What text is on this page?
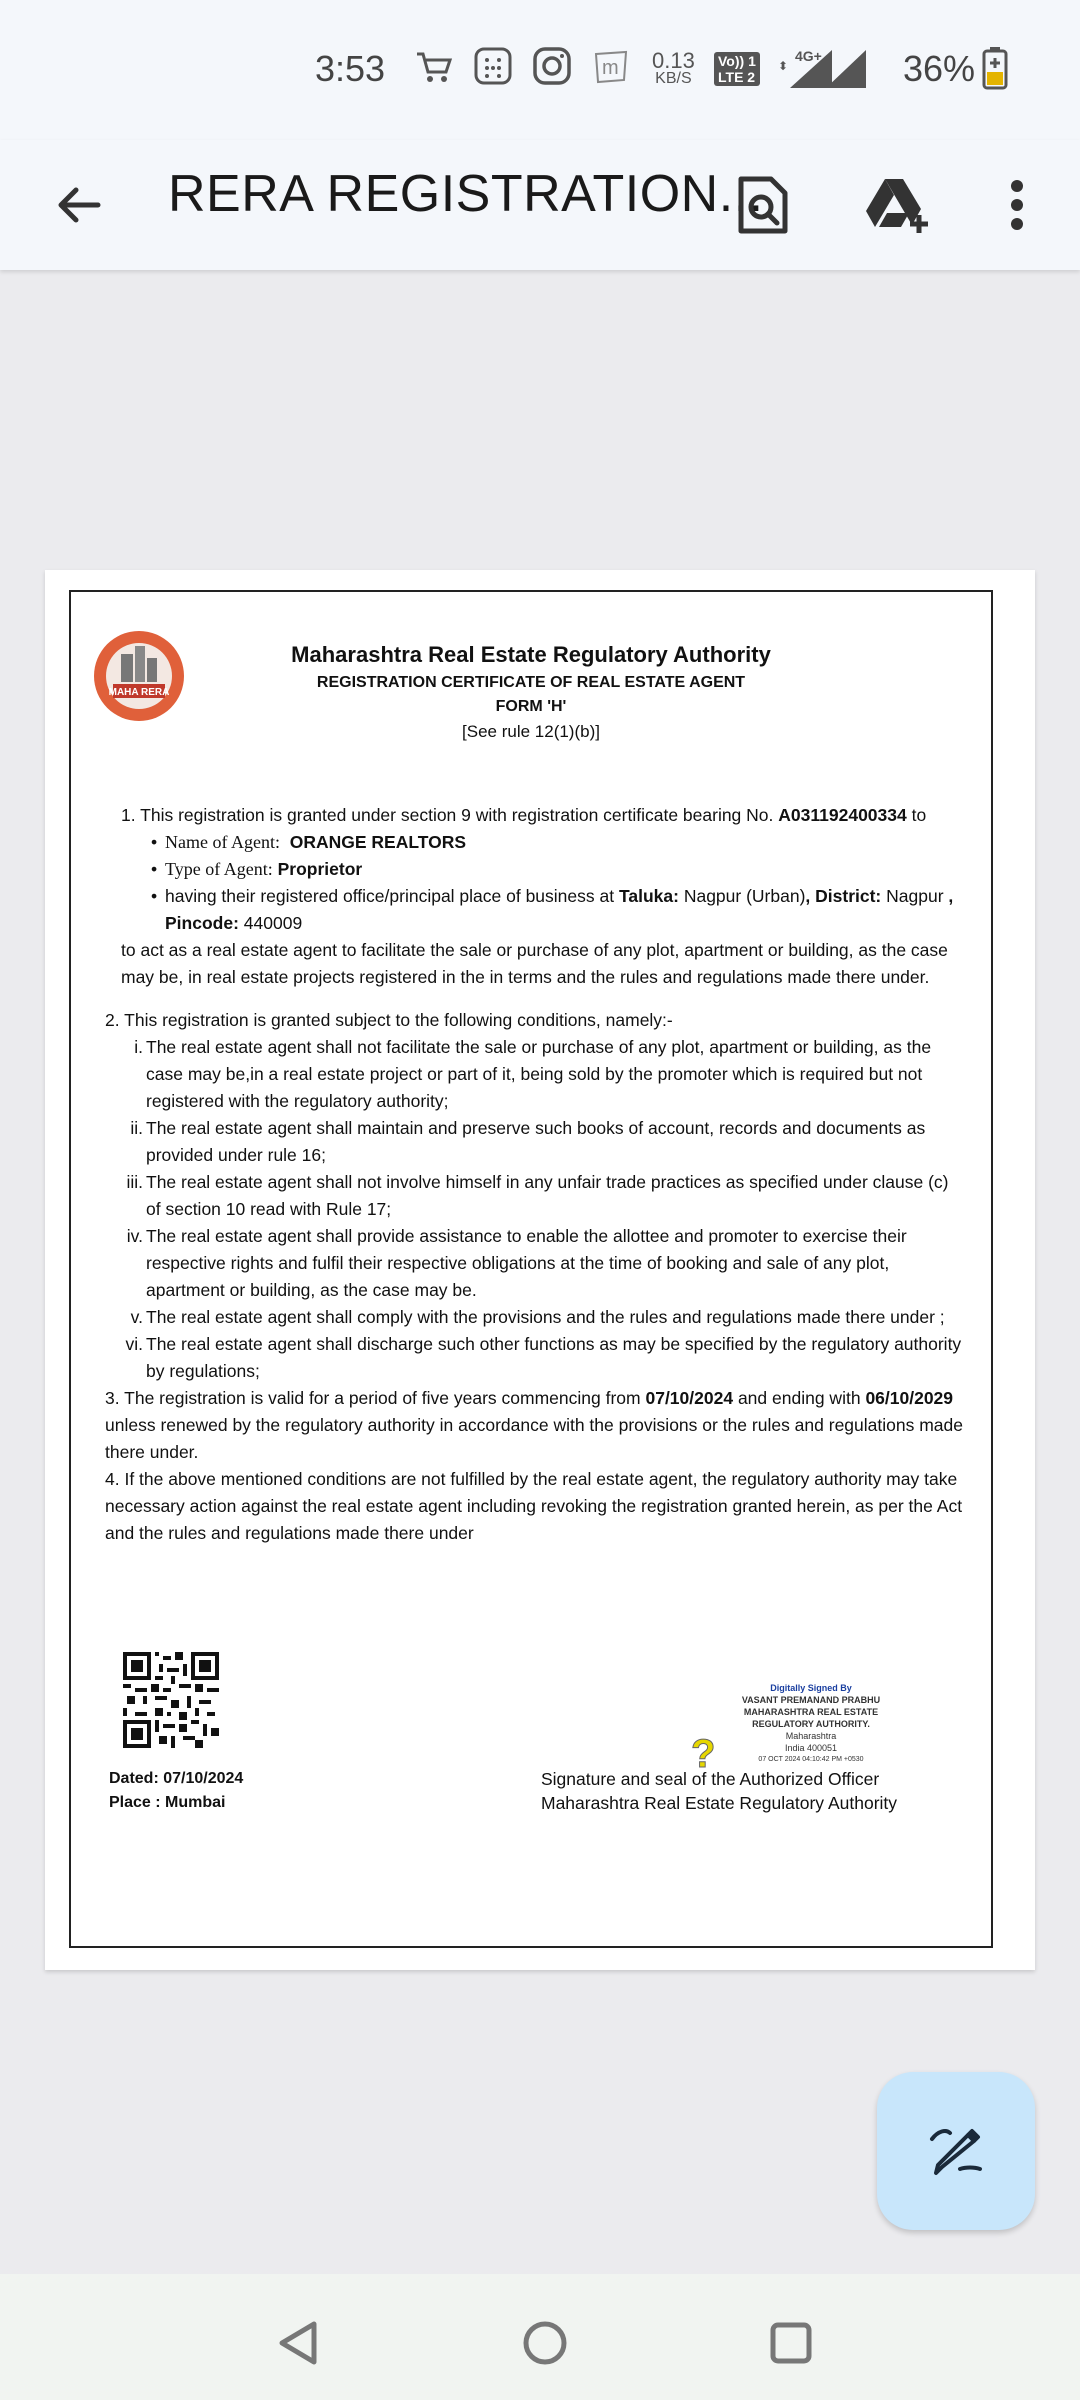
3:53	m 0.13
KB/S
Vo)) 1
LTE 2
⬍
4G+ 36%
RERA REGISTRATION...
MAHA RERA
Maharashtra Real Estate Regulatory Authority
REGISTRATION CERTIFICATE OF REAL ESTATE AGENT
FORM 'H'
[See rule 12(1)(b)]

1. This registration is granted under section 9 with registration certificate bearing No. A031192400334 to

• Name of Agent: ORANGE REALTORS

• Type of Agent: Proprietor

• having their registered office/principal place of business at Taluka: Nagpur (Urban), District: Nagpur , Pincode: 440009

to act as a real estate agent to facilitate the sale or purchase of any plot, apartment or building, as the case may be, in real estate projects registered in the in terms and the rules and regulations made there under.

2. This registration is granted subject to the following conditions, namely:-

i. The real estate agent shall not facilitate the sale or purchase of any plot, apartment or building, as the case may be,in a real estate project or part of it, being sold by the promoter which is required but not registered with the regulatory authority;

ii. The real estate agent shall maintain and preserve such books of account, records and documents as provided under rule 16;

iii. The real estate agent shall not involve himself in any unfair trade practices as specified under clause (c) of section 10 read with Rule 17;

iv. The real estate agent shall provide assistance to enable the allottee and promoter to exercise their respective rights and fulfil their respective obligations at the time of booking and sale of any plot, apartment or building, as the case may be.

v. The real estate agent shall comply with the provisions and the rules and regulations made there under ;

vi. The real estate agent shall discharge such other functions as may be specified by the regulatory authority by regulations;

3. The registration is valid for a period of five years commencing from 07/10/2024 and ending with 06/10/2029 unless renewed by the regulatory authority in accordance with the provisions or the rules and regulations made there under.

4. If the above mentioned conditions are not fulfilled by the real estate agent, the regulatory authority may take necessary action against the real estate agent including revoking the registration granted herein, as per the Act and the rules and regulations made there under

Dated: 07/10/2024
Place : Mumbai
Digitally Signed By
VASANT PREMANAND PRABHU
MAHARASHTRA REAL ESTATE
REGULATORY AUTHORITY.
Maharashtra
India 400051
07 OCT 2024 04:10:42 PM +0530
?
Signature and seal of the Authorized Officer
Maharashtra Real Estate Regulatory Authority
